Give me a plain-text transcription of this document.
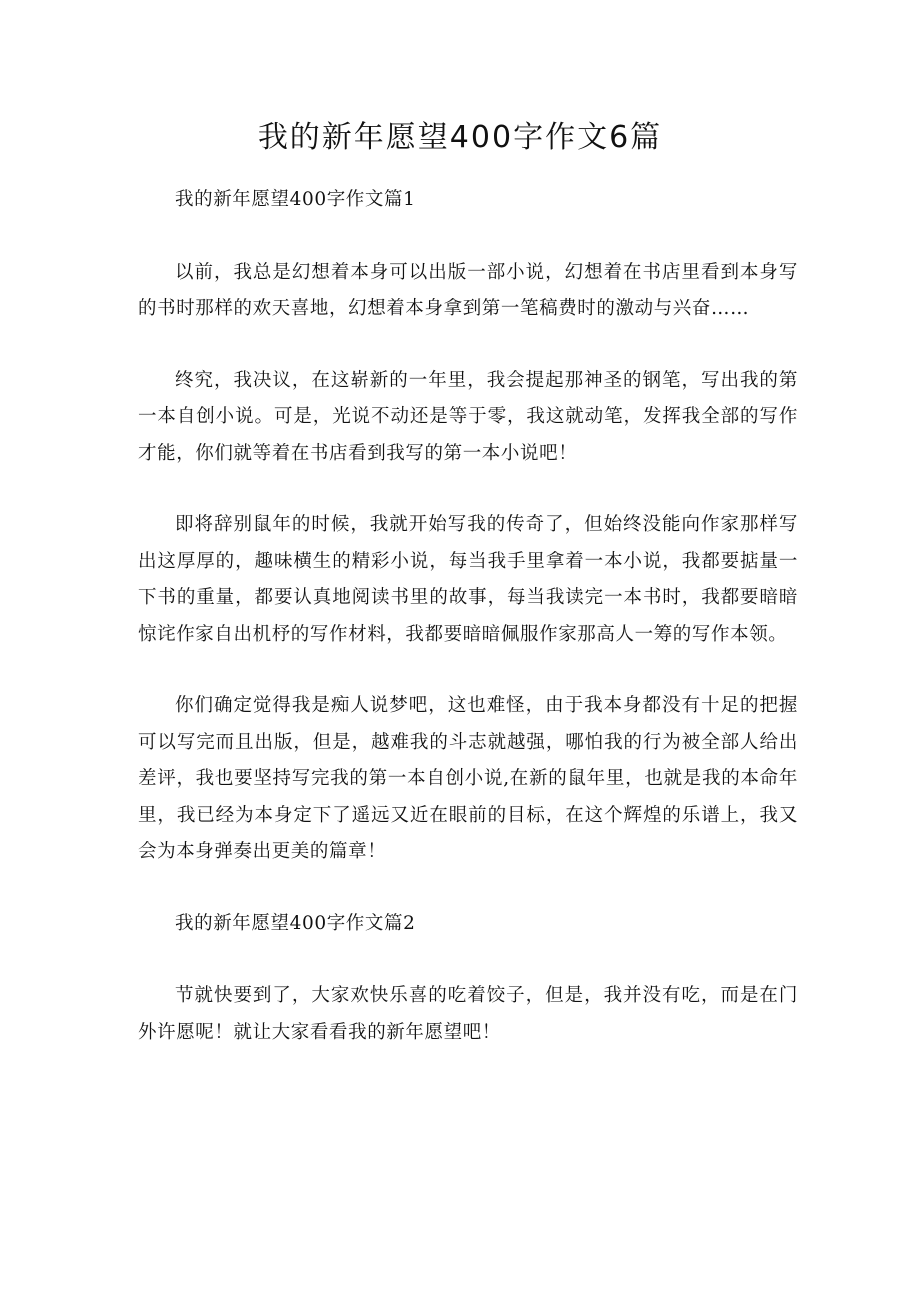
我的新年愿望400字作文6篇

我的新年愿望400字作文篇1

以前，我总是幻想着本身可以出版一部小说，幻想着在书店里看到本身写的书时那样的欢天喜地，幻想着本身拿到第一笔稿费时的激动与兴奋……

终究，我决议，在这崭新的一年里，我会提起那神圣的钢笔，写出我的第一本自创小说。可是，光说不动还是等于零，我这就动笔，发挥我全部的写作才能，你们就等着在书店看到我写的第一本小说吧！

即将辞别鼠年的时候，我就开始写我的传奇了，但始终没能向作家那样写出这厚厚的，趣味横生的精彩小说，每当我手里拿着一本小说，我都要掂量一下书的重量，都要认真地阅读书里的故事，每当我读完一本书时，我都要暗暗惊诧作家自出机杼的写作材料，我都要暗暗佩服作家那高人一筹的写作本领。

你们确定觉得我是痴人说梦吧，这也难怪，由于我本身都没有十足的把握可以写完而且出版，但是，越难我的斗志就越强，哪怕我的行为被全部人给出差评，我也要坚持写完我的第一本自创小说,在新的鼠年里，也就是我的本命年里，我已经为本身定下了遥远又近在眼前的目标，在这个辉煌的乐谱上，我又会为本身弹奏出更美的篇章！

我的新年愿望400字作文篇2

节就快要到了，大家欢快乐喜的吃着饺子，但是，我并没有吃，而是在门外许愿呢！就让大家看看我的新年愿望吧！
